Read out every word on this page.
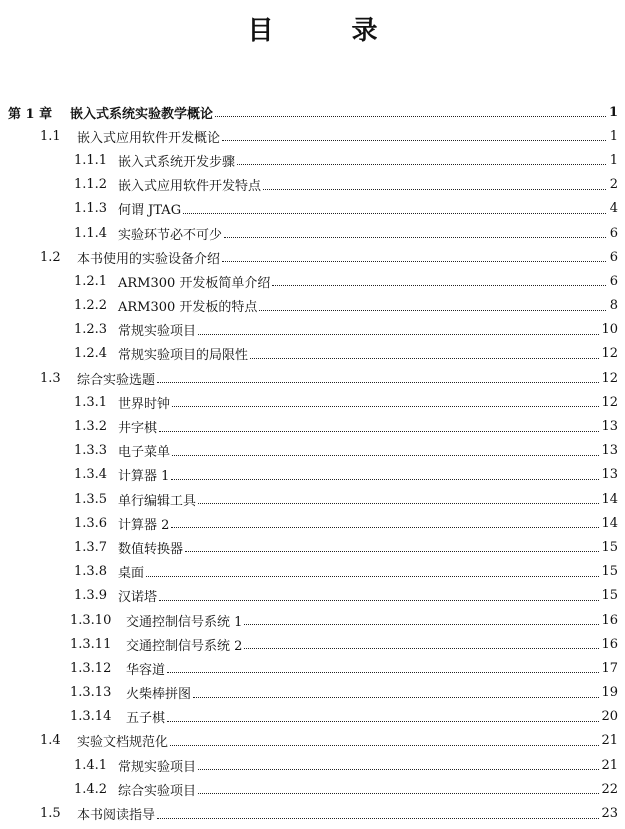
目　录
第 1 章	嵌入式系统实验教学概论	1
1.1	嵌入式应用软件开发概论	1
1.1.1 嵌入式系统开发步骤	1
1.1.2 嵌入式应用软件开发特点	2
1.1.3 何谓 JTAG	4
1.1.4 实验环节必不可少	6
1.2	本书使用的实验设备介绍	6
1.2.1 ARM300 开发板简单介绍	6
1.2.2 ARM300 开发板的特点	8
1.2.3 常规实验项目	10
1.2.4 常规实验项目的局限性	12
1.3	综合实验选题	12
1.3.1 世界时钟	12
1.3.2 井字棋	13
1.3.3 电子菜单	13
1.3.4 计算器 1	13
1.3.5 单行编辑工具	14
1.3.6 计算器 2	14
1.3.7 数值转换器	15
1.3.8 桌面	15
1.3.9 汉诺塔	15
1.3.10	交通控制信号系统 1	16
1.3.11	交通控制信号系统 2	16
1.3.12	华容道	17
1.3.13	火柴棒拼图	19
1.3.14	五子棋	20
1.4	实验文档规范化	21
1.4.1 常规实验项目	21
1.4.2 综合实验项目	22
1.5	本书阅读指导	23
